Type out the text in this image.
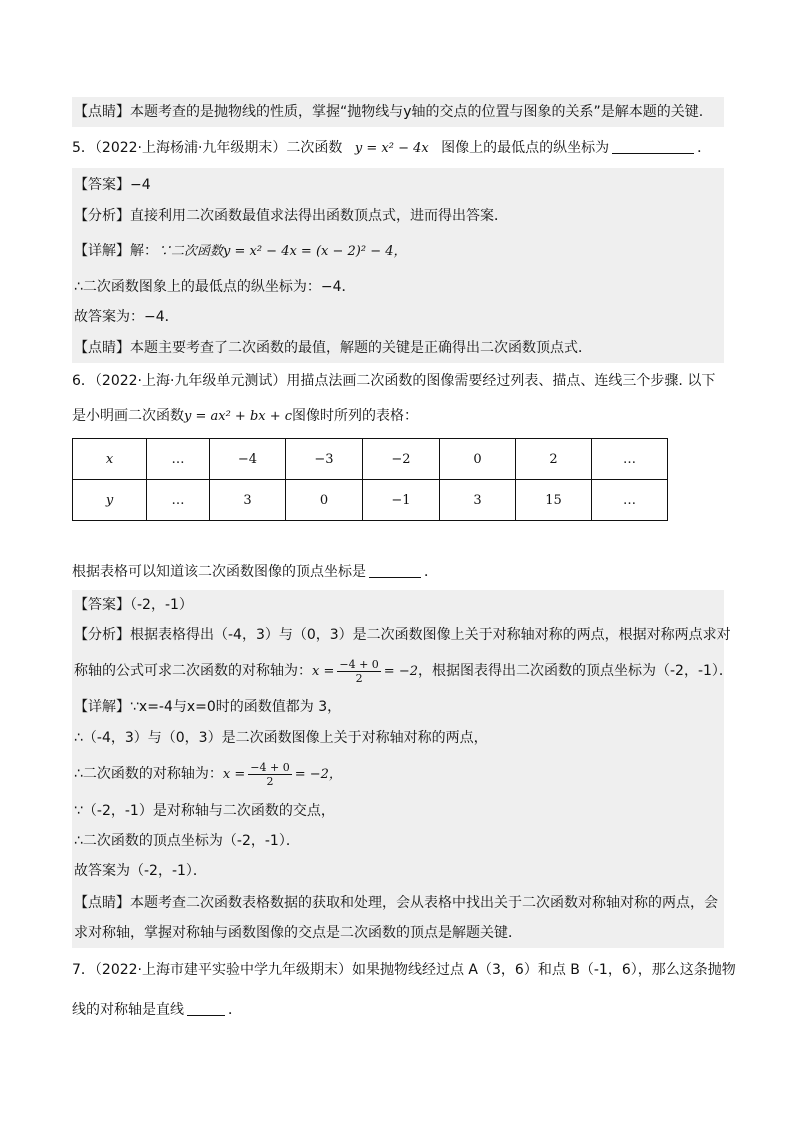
【点睛】本题考查的是抛物线的性质，掌握“抛物线与y轴的交点的位置与图象的关系”是解本题的关键.
5．（2022·上海杨浦·九年级期末）二次函数 y = x² − 4x 图像上的最低点的纵坐标为	．
【答案】−4
【分析】直接利用二次函数最值求法得出函数顶点式，进而得出答案．
【详解】解：∵二次函数y = x² − 4x = (x − 2)² − 4，
∴二次函数图象上的最低点的纵坐标为：−4．
故答案为：−4．
【点睛】本题主要考查了二次函数的最值，解题的关键是正确得出二次函数顶点式．
6．（2022·上海·九年级单元测试）用描点法画二次函数的图像需要经过列表、描点、连线三个步骤. 以下
是小明画二次函数y = ax² + bx + c图像时所列的表格：
x	…	−4	−3	−2	0	2	…
y	…	3	0	−1	3	15	…
根据表格可以知道该二次函数图像的顶点坐标是	．
【答案】（-2，-1）
【分析】根据表格得出（-4，3）与（0，3）是二次函数图像上关于对称轴对称的两点，根据对称两点求对
称轴的公式可求二次函数的对称轴为：$x = \frac{-4 + 0}{2} = -2$，根据图表得出二次函数的顶点坐标为（-2，-1）．
【详解】∵x=-4与x=0时的函数值都为 3，
∴（-4，3）与（0，3）是二次函数图像上关于对称轴对称的两点，
∴二次函数的对称轴为：$x = \frac{-4 + 0}{2} = -2$，
∵（-2，-1）是对称轴与二次函数的交点，
∴二次函数的顶点坐标为（-2，-1）．
故答案为（-2，-1）．
【点睛】本题考查二次函数表格数据的获取和处理，会从表格中找出关于二次函数对称轴对称的两点，会
求对称轴，掌握对称轴与函数图像的交点是二次函数的顶点是解题关键．
7．（2022·上海市建平实验中学九年级期末）如果抛物线经过点 A（3，6）和点 B（-1，6），那么这条抛物
线的对称轴是直线	．
